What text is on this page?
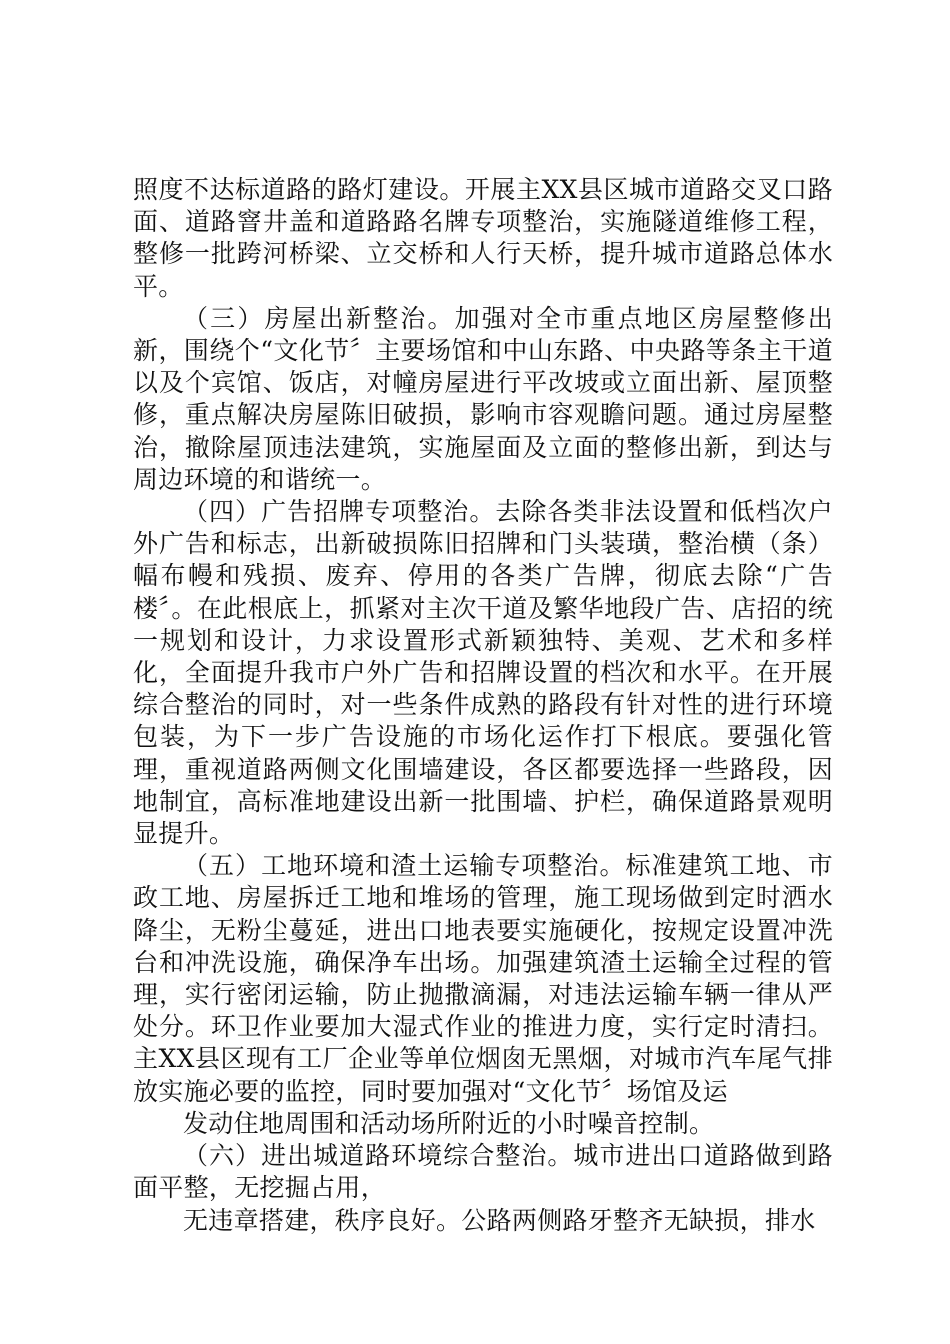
照度不达标道路的路灯建设。开展主XX县区城市道路交叉口路面、道路窨井盖和道路路名牌专项整治，实施隧道维修工程，整修一批跨河桥梁、立交桥和人行天桥，提升城市道路总体水平。

（三）房屋出新整治。加强对全市重点地区房屋整修出新，围绕个“文化节〞主要场馆和中山东路、中央路等条主干道以及个宾馆、饭店，对幢房屋进行平改坡或立面出新、屋顶整修，重点解决房屋陈旧破损，影响市容观瞻问题。通过房屋整治，撤除屋顶违法建筑，实施屋面及立面的整修出新，到达与周边环境的和谐统一。

（四）广告招牌专项整治。去除各类非法设置和低档次户外广告和标志，出新破损陈旧招牌和门头装璜，整治横（条）幅布幔和残损、废弃、停用的各类广告牌，彻底去除“广告楼〞。在此根底上，抓紧对主次干道及繁华地段广告、店招的统一规划和设计，力求设置形式新颖独特、美观、艺术和多样化，全面提升我市户外广告和招牌设置的档次和水平。在开展综合整治的同时，对一些条件成熟的路段有针对性的进行环境包装，为下一步广告设施的市场化运作打下根底。要强化管理，重视道路两侧文化围墙建设，各区都要选择一些路段，因地制宜，高标准地建设出新一批围墙、护栏，确保道路景观明显提升。

（五）工地环境和渣土运输专项整治。标准建筑工地、市政工地、房屋拆迁工地和堆场的管理，施工现场做到定时洒水降尘，无粉尘蔓延，进出口地表要实施硬化，按规定设置冲洗台和冲洗设施，确保净车出场。加强建筑渣土运输全过程的管理，实行密闭运输，防止抛撒滴漏，对违法运输车辆一律从严处分。环卫作业要加大湿式作业的推进力度，实行定时清扫。主XX县区现有工厂企业等单位烟囱无黑烟，对城市汽车尾气排放实施必要的监控，同时要加强对“文化节〞场馆及运

发动住地周围和活动场所附近的小时噪音控制。

（六）进出城道路环境综合整治。城市进出口道路做到路面平整，无挖掘占用，

无违章搭建，秩序良好。公路两侧路牙整齐无缺损，排水
